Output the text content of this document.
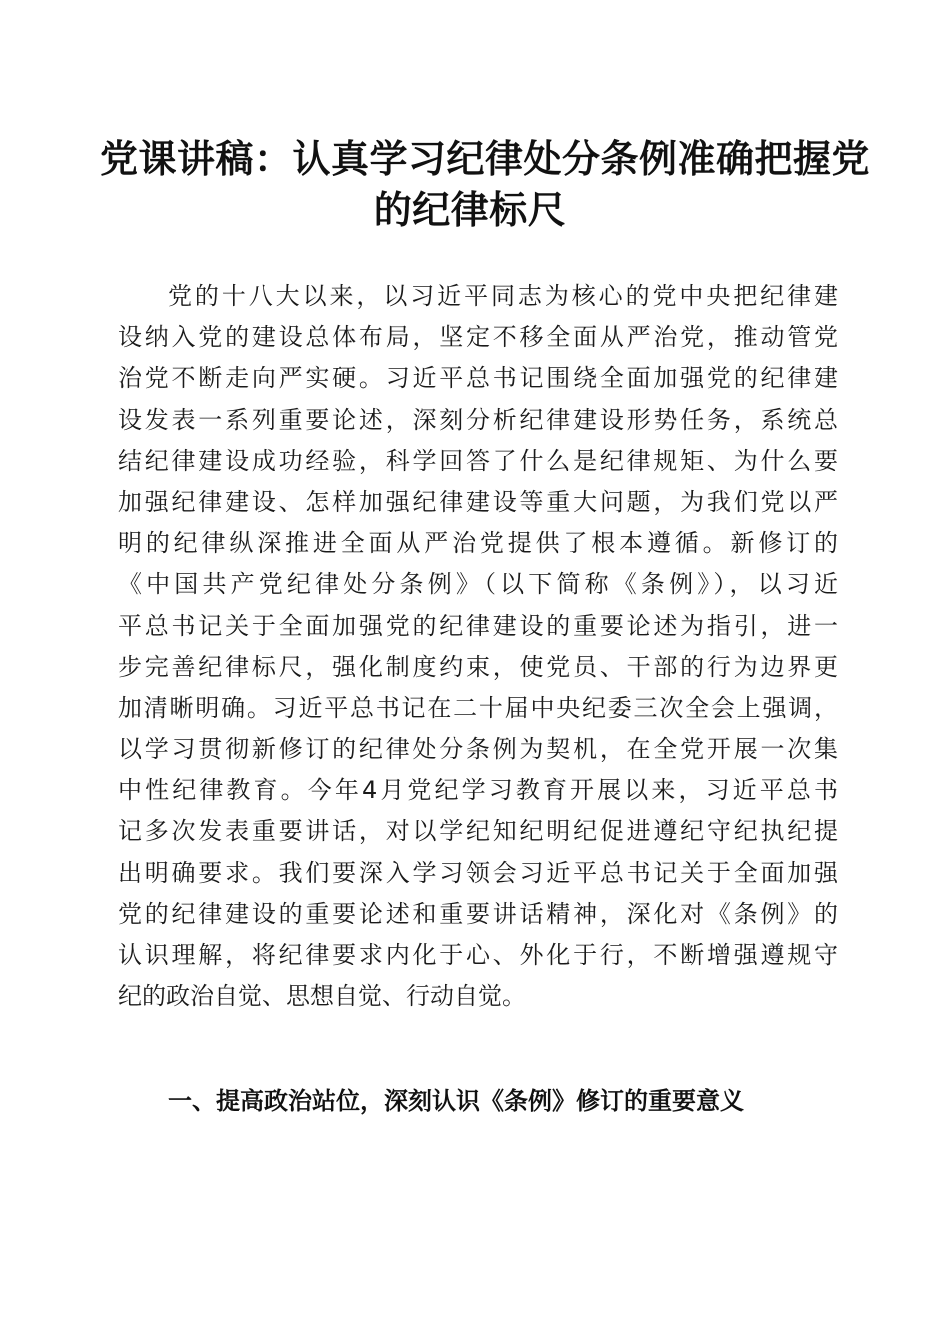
党课讲稿：认真学习纪律处分条例准确把握党
的纪律标尺
党的十八大以来，以习近平同志为核心的党中央把纪律建
设纳入党的建设总体布局，坚定不移全面从严治党，推动管党
治党不断走向严实硬。习近平总书记围绕全面加强党的纪律建
设发表一系列重要论述，深刻分析纪律建设形势任务，系统总
结纪律建设成功经验，科学回答了什么是纪律规矩、为什么要
加强纪律建设、怎样加强纪律建设等重大问题，为我们党以严
明的纪律纵深推进全面从严治党提供了根本遵循。新修订的
《中国共产党纪律处分条例》（以下简称《条例》），以习近
平总书记关于全面加强党的纪律建设的重要论述为指引，进一
步完善纪律标尺，强化制度约束，使党员、干部的行为边界更
加清晰明确。习近平总书记在二十届中央纪委三次全会上强调，
以学习贯彻新修订的纪律处分条例为契机，在全党开展一次集
中性纪律教育。今年4月党纪学习教育开展以来，习近平总书
记多次发表重要讲话，对以学纪知纪明纪促进遵纪守纪执纪提
出明确要求。我们要深入学习领会习近平总书记关于全面加强
党的纪律建设的重要论述和重要讲话精神，深化对《条例》的
认识理解，将纪律要求内化于心、外化于行，不断增强遵规守
纪的政治自觉、思想自觉、行动自觉。
一、提高政治站位，深刻认识《条例》修订的重要意义
